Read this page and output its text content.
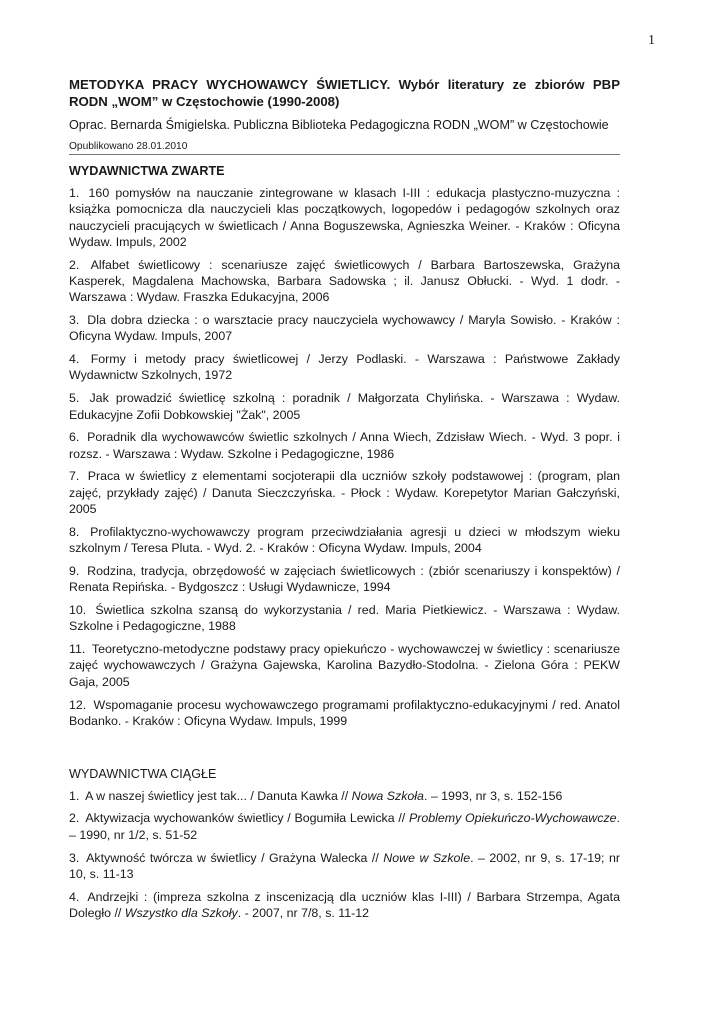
1

METODYKA PRACY WYCHOWAWCY ŚWIETLICY. Wybór literatury ze zbiorów PBP RODN „WOM” w Częstochowie (1990-2008)

Oprac. Bernarda Śmigielska. Publiczna Biblioteka Pedagogiczna RODN „WOM” w Częstochowie

Opublikowano 28.01.2010

WYDAWNICTWA ZWARTE

1. 160 pomysłów na nauczanie zintegrowane w klasach I-III : edukacja plastyczno-muzyczna : książka pomocnicza dla nauczycieli klas początkowych, logopedów i pedagogów szkolnych oraz nauczycieli pracujących w świetlicach / Anna Boguszewska, Agnieszka Weiner. - Kraków : Oficyna Wydaw. Impuls, 2002

2. Alfabet świetlicowy : scenariusze zajęć świetlicowych / Barbara Bartoszewska, Grażyna Kasperek, Magdalena Machowska, Barbara Sadowska ; il. Janusz Obłucki. - Wyd. 1 dodr. - Warszawa : Wydaw. Fraszka Edukacyjna, 2006

3. Dla dobra dziecka : o warsztacie pracy nauczyciela wychowawcy / Maryla Sowisło. - Kraków : Oficyna Wydaw. Impuls, 2007

4. Formy i metody pracy świetlicowej / Jerzy Podlaski. - Warszawa : Państwowe Zakłady Wydawnictw Szkolnych, 1972

5. Jak prowadzić świetlicę szkolną : poradnik / Małgorzata Chylińska. - Warszawa : Wydaw. Edukacyjne Zofii Dobkowskiej "Żak", 2005

6. Poradnik dla wychowawców świetlic szkolnych / Anna Wiech, Zdzisław Wiech. - Wyd. 3 popr. i rozsz. - Warszawa : Wydaw. Szkolne i Pedagogiczne, 1986

7. Praca w świetlicy z elementami socjoterapii dla uczniów szkoły podstawowej : (program, plan zajęć, przykłady zajęć) / Danuta Sieczczyńska. - Płock : Wydaw. Korepetytor Marian Gałczyński, 2005

8. Profilaktyczno-wychowawczy program przeciwdziałania agresji u dzieci w młodszym wieku szkolnym / Teresa Pluta. - Wyd. 2. - Kraków : Oficyna Wydaw. Impuls, 2004

9. Rodzina, tradycja, obrzędowość w zajęciach świetlicowych : (zbiór scenariuszy i konspektów) / Renata Repińska. - Bydgoszcz : Usługi Wydawnicze, 1994

10. Świetlica szkolna szansą do wykorzystania / red. Maria Pietkiewicz. - Warszawa : Wydaw. Szkolne i Pedagogiczne, 1988

11. Teoretyczno-metodyczne podstawy pracy opiekuńczo - wychowawczej w świetlicy : scenariusze zajęć wychowawczych / Grażyna Gajewska, Karolina Bazydło-Stodolna. - Zielona Góra : PEKW Gaja, 2005

12. Wspomaganie procesu wychowawczego programami profilaktyczno-edukacyjnymi / red. Anatol Bodanko. - Kraków : Oficyna Wydaw. Impuls, 1999

WYDAWNICTWA CIĄGŁE

1. A w naszej świetlicy jest tak... / Danuta Kawka // Nowa Szkoła. – 1993, nr 3, s. 152-156

2. Aktywizacja wychowanków świetlicy / Bogumiła Lewicka // Problemy Opiekuńczo-Wychowawcze. – 1990, nr 1/2, s. 51-52

3. Aktywność twórcza w świetlicy / Grażyna Walecka // Nowe w Szkole. – 2002, nr 9, s. 17-19; nr 10, s. 11-13

4. Andrzejki : (impreza szkolna z inscenizacją dla uczniów klas I-III) / Barbara Strzempa, Agata Doległo // Wszystko dla Szkoły. - 2007, nr 7/8, s. 11-12
